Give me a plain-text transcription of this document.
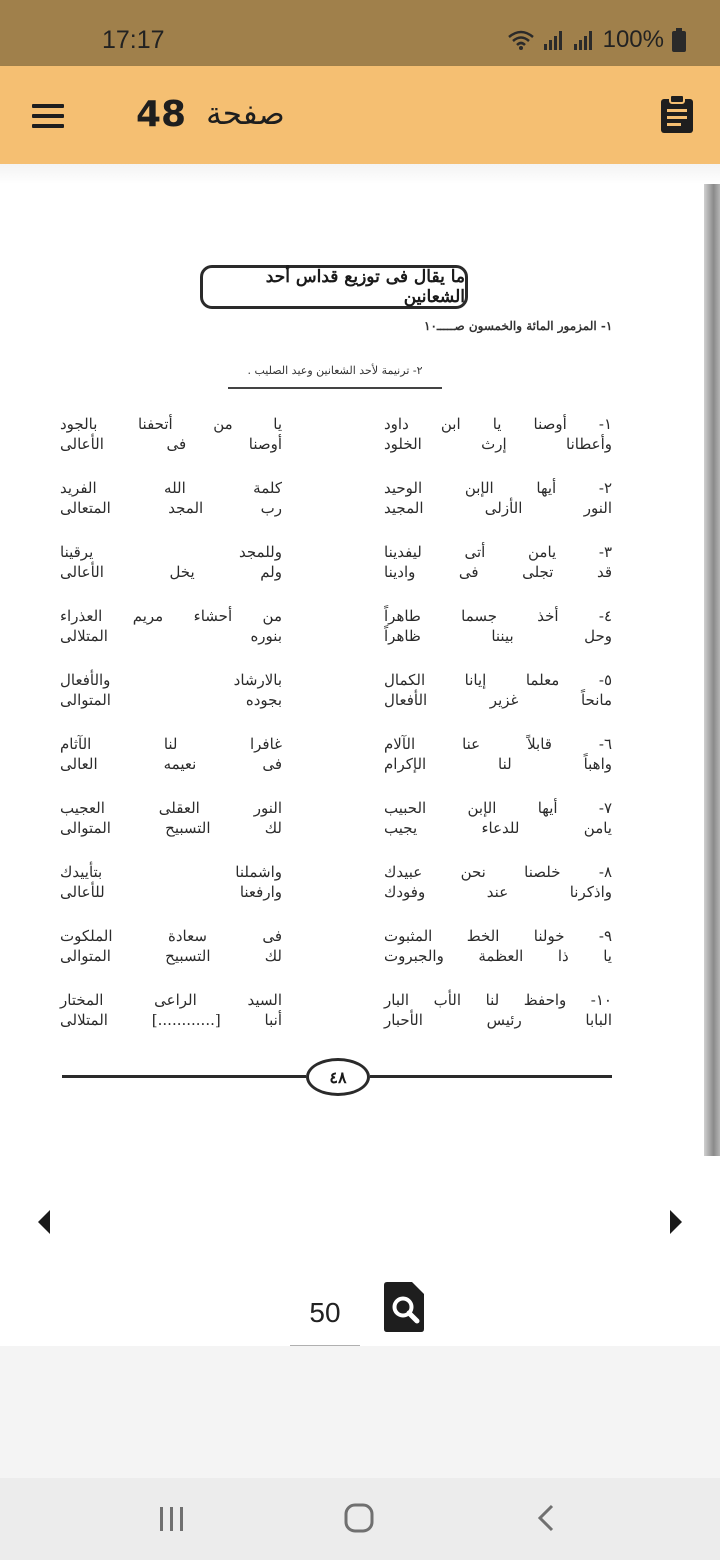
17:17	100%
48 صفحة
ما يقال فى توزيع قداس أحد الشعانين
١- المزمور المائة والخمسون صـــــ١٠
٢- ترنيمة لأحد الشعانين وعيد الصليب .
١- أوصنا يا ابن داود
وأعطانا إرث الخلود
يا من أتحفنا بالجود
أوصنا فى الأعالى
٢- أيها الإبن الوحيد
النور الأزلى المجيد
كلمة الله الفريد
رب المجد المتعالى
٣- يامن أتى ليفدينا
قد تجلى فى وادينا
وللمجد يرقينا
ولم يخل الأعالى
٤- أخذ جسما طاهراً
وحل بيننا ظاهراً
من أحشاء مريم العذراء
بنوره المتلالى
٥- معلما إيانا الكمال
مانحاً غزير الأفعال
بالارشاد والأفعال
بجوده المتوالى
٦- قابلاً عنا الآلام
واهباً لنا الإكرام
غافرا لنا الآثام
فى نعيمه العالى
٧- أيها الإبن الحبيب
يامن للدعاء يجيب
النور العقلى العجيب
لك التسبيح المتوالى
٨- خلصنا نحن عبيدك
واذكرنا عند وفودك
واشملنا بتأييدك
وارفعنا للأعالى
٩- خولنا الخط المثبوت
يا ذا العظمة والجبروت
فى سعادة الملكوت
لك التسبيح المتوالى
١٠- واحفظ لنا الأب البار
البابا رئيس الأحبار
السيد الراعى المختار
أنبا [............] المتلالى
٤٨
50
